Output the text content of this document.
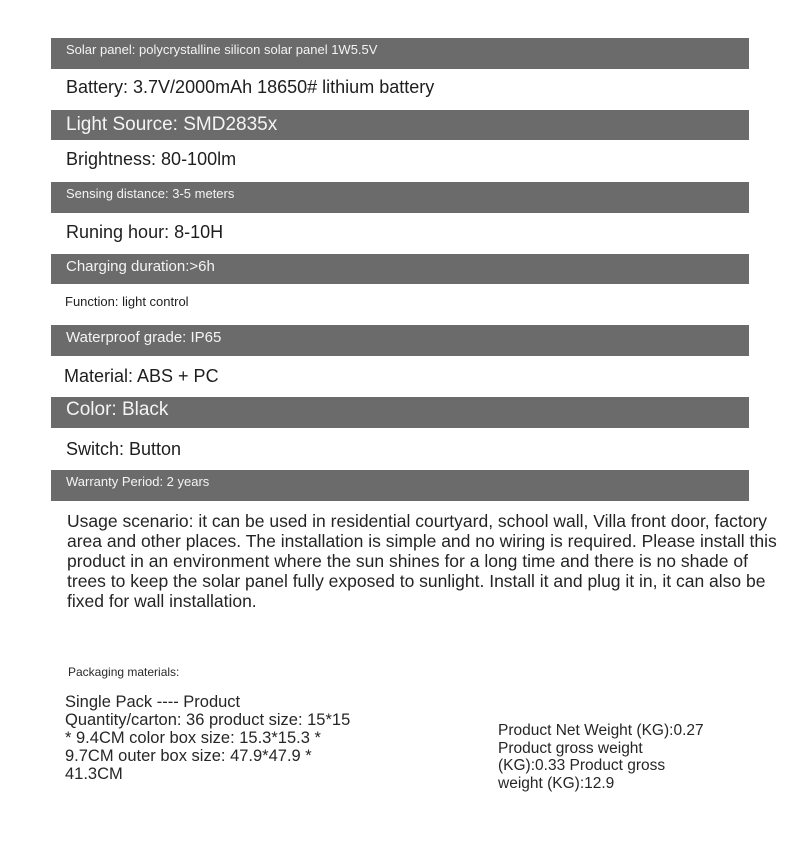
Solar panel: polycrystalline silicon solar panel 1W5.5V
Battery: 3.7V/2000mAh 18650# lithium battery
Light Source: SMD2835x
Brightness: 80-100lm
Sensing distance: 3-5 meters
Runing hour: 8-10H
Charging duration:>6h
Function: light control
Waterproof grade: IP65
Material: ABS + PC
Color: Black
Switch: Button
Warranty Period: 2 years
Usage scenario: it can be used in residential courtyard, school wall, Villa front door, factory area and other places. The installation is simple and no wiring is required. Please install this product in an environment where the sun shines for a long time and there is no shade of trees to keep the solar panel fully exposed to sunlight. Install it and plug it in, it can also be fixed for wall installation.
Packaging materials:
Single Pack ---- Product Quantity/carton: 36 product size: 15*15 * 9.4CM color box size: 15.3*15.3 * 9.7CM outer box size: 47.9*47.9 * 41.3CM
Product Net Weight (KG):0.27 Product gross weight (KG):0.33 Product gross weight (KG):12.9
